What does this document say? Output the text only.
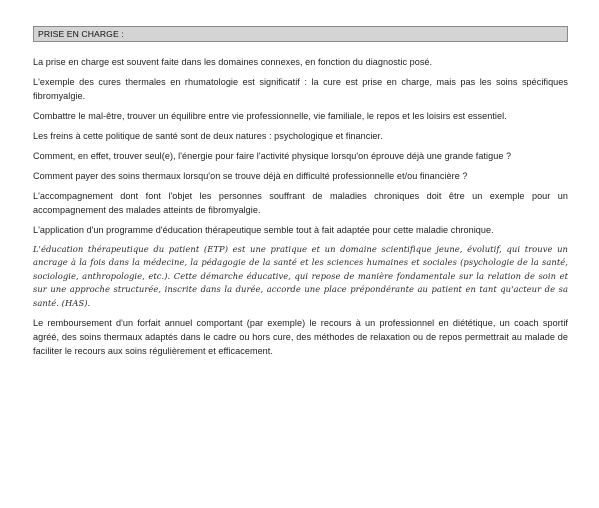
PRISE EN CHARGE :

La prise en charge est souvent faite dans les domaines connexes, en fonction du diagnostic posé.

L'exemple des cures thermales en rhumatologie est significatif : la cure est prise en charge, mais pas les soins spécifiques fibromyalgie.

Combattre le mal-être, trouver un équilibre entre vie professionnelle, vie familiale, le repos et les loisirs est essentiel.

Les freins à cette politique de santé sont de deux natures : psychologique et financier.

Comment, en effet, trouver seul(e), l'énergie pour faire l'activité physique lorsqu'on éprouve déjà une grande fatigue ?

Comment payer des soins thermaux lorsqu'on se trouve déjà en difficulté professionnelle et/ou financière ?

L'accompagnement dont font l'objet les personnes souffrant de maladies chroniques doit être un exemple pour un accompagnement des malades atteints de fibromyalgie.

L'application d'un programme d'éducation thérapeutique semble tout à fait adaptée pour cette maladie chronique.

L'éducation thérapeutique du patient (ETP) est une pratique et un domaine scientifique jeune, évolutif, qui trouve un ancrage à la fois dans la médecine, la pédagogie de la santé et les sciences humaines et sociales (psychologie de la santé, sociologie, anthropologie, etc.). Cette démarche éducative, qui repose de manière fondamentale sur la relation de soin et sur une approche structurée, inscrite dans la durée, accorde une place prépondérante au patient en tant qu'acteur de sa santé. (HAS).

Le remboursement d'un forfait annuel comportant (par exemple) le recours à un professionnel en diététique, un coach sportif agréé, des soins thermaux adaptés dans le cadre ou hors cure, des méthodes de relaxation ou de repos permettrait au malade de faciliter le recours aux soins régulièrement et efficacement.
